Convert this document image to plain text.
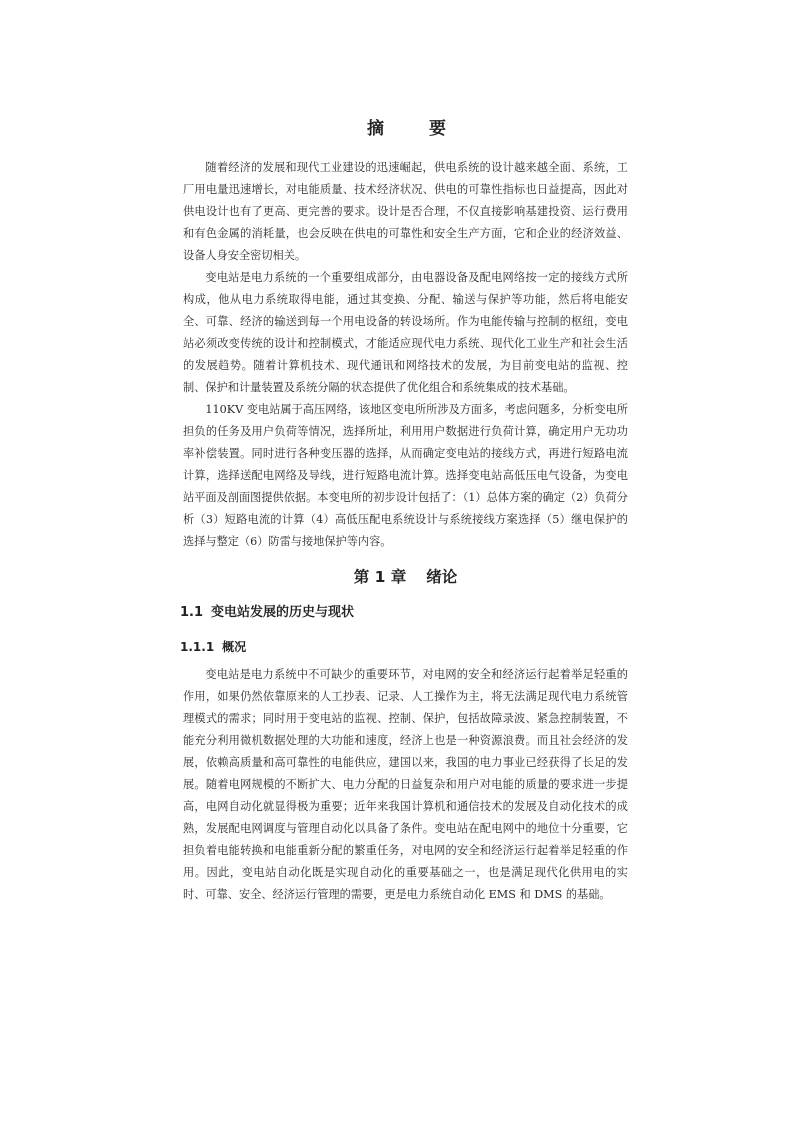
摘　要

随着经济的发展和现代工业建设的迅速崛起，供电系统的设计越来越全面、系统，工厂用电量迅速增长，对电能质量、技术经济状况、供电的可靠性指标也日益提高，因此对供电设计也有了更高、更完善的要求。设计是否合理，不仅直接影响基建投资、运行费用和有色金属的消耗量，也会反映在供电的可靠性和安全生产方面，它和企业的经济效益、设备人身安全密切相关。

变电站是电力系统的一个重要组成部分，由电器设备及配电网络按一定的接线方式所构成，他从电力系统取得电能，通过其变换、分配、输送与保护等功能，然后将电能安全、可靠、经济的输送到每一个用电设备的转设场所。作为电能传输与控制的枢纽，变电站必须改变传统的设计和控制模式，才能适应现代电力系统、现代化工业生产和社会生活的发展趋势。随着计算机技术、现代通讯和网络技术的发展，为目前变电站的监视、控制、保护和计量装置及系统分隔的状态提供了优化组合和系统集成的技术基础。

110KV 变电站属于高压网络，该地区变电所所涉及方面多，考虑问题多，分析变电所担负的任务及用户负荷等情况，选择所址，利用用户数据进行负荷计算，确定用户无功功率补偿装置。同时进行各种变压器的选择，从而确定变电站的接线方式，再进行短路电流计算，选择送配电网络及导线，进行短路电流计算。选择变电站高低压电气设备，为变电站平面及剖面图提供依据。本变电所的初步设计包括了：（1）总体方案的确定（2）负荷分析（3）短路电流的计算（4）高低压配电系统设计与系统接线方案选择（5）继电保护的选择与整定（6）防雷与接地保护等内容。

第 1 章 绪论
1.1 变电站发展的历史与现状
1.1.1 概况

变电站是电力系统中不可缺少的重要环节，对电网的安全和经济运行起着举足轻重的作用，如果仍然依靠原来的人工抄表、记录、人工操作为主，将无法满足现代电力系统管理模式的需求；同时用于变电站的监视、控制、保护，包括故障录波、紧急控制装置，不能充分利用微机数据处理的大功能和速度，经济上也是一种资源浪费。而且社会经济的发展，依赖高质量和高可靠性的电能供应，建国以来，我国的电力事业已经获得了长足的发展。随着电网规模的不断扩大、电力分配的日益复杂和用户对电能的质量的要求进一步提高，电网自动化就显得极为重要；近年来我国计算机和通信技术的发展及自动化技术的成熟，发展配电网调度与管理自动化以具备了条件。变电站在配电网中的地位十分重要，它担负着电能转换和电能重新分配的繁重任务，对电网的安全和经济运行起着举足轻重的作用。因此，变电站自动化既是实现自动化的重要基础之一，也是满足现代化供用电的实时、可靠、安全、经济运行管理的需要，更是电力系统自动化 EMS 和 DMS 的基础。
